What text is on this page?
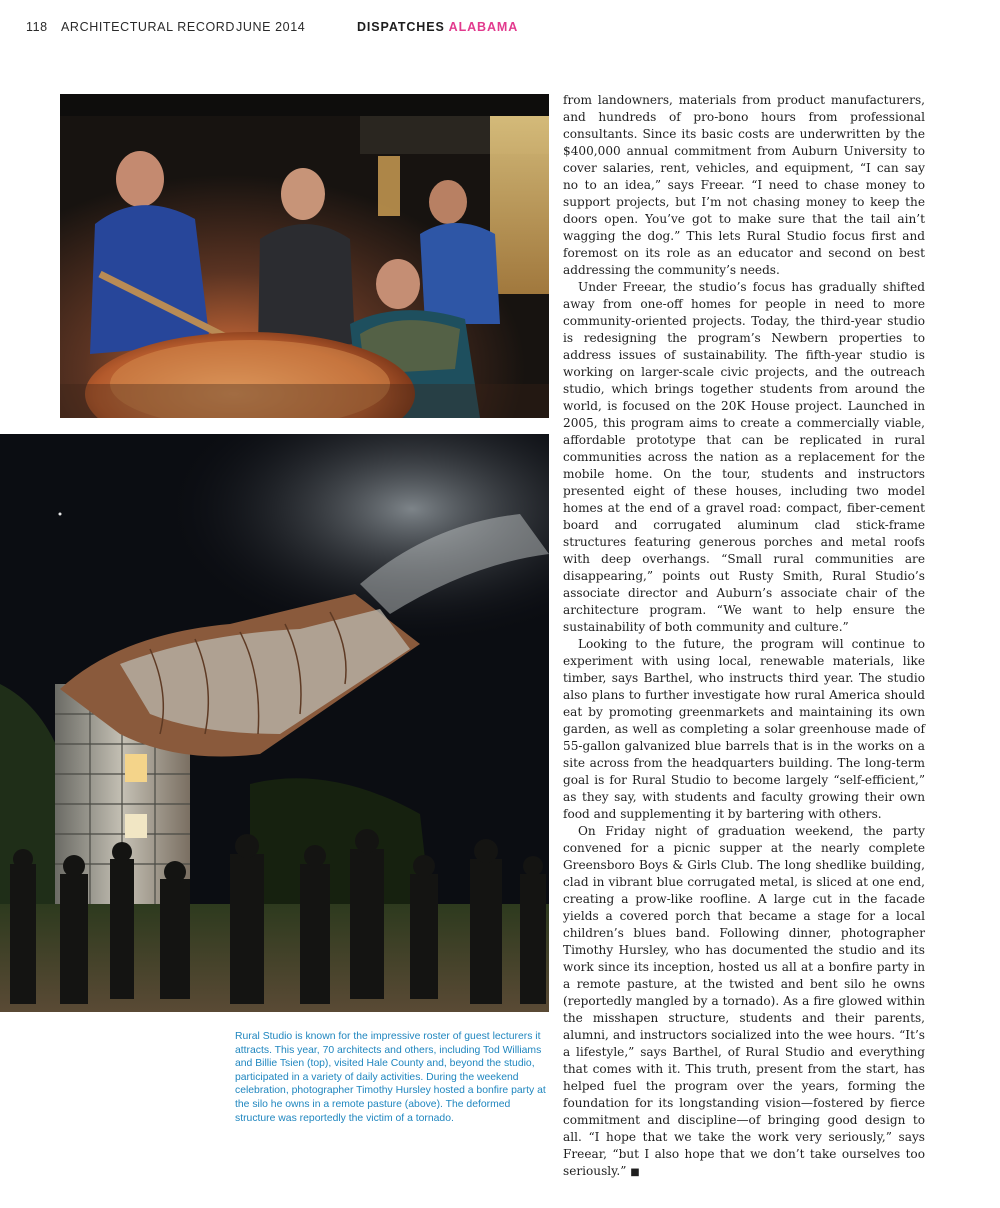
118 ARCHITECTURAL RECORD JUNE 2014	DISPATCHES ALABAMA
Rural Studio is known for the impressive roster of guest lecturers it attracts. This year, 70 architects and others, including Tod Williams and Billie Tsien (top), visited Hale County and, beyond the studio, participated in a variety of daily activities. During the weekend celebration, photographer Timothy Hursley hosted a bonfire party at the silo he owns in a remote pasture (above). The deformed structure was reportedly the victim of a tornado.

from landowners, materials from product manufacturers, and hundreds of pro-bono hours from professional consultants. Since its basic costs are underwritten by the $400,000 annual commitment from Auburn University to cover salaries, rent, vehicles, and equipment, “I can say no to an idea,” says Freear. “I need to chase money to support projects, but I’m not chasing money to keep the doors open. You’ve got to make sure that the tail ain’t wagging the dog.” This lets Rural Studio focus first and foremost on its role as an educator and second on best addressing the community’s needs.

Under Freear, the studio’s focus has gradually shifted away from one-off homes for people in need to more community-oriented projects. Today, the third-year studio is redesigning the program’s Newbern properties to address issues of sustainability. The fifth-year studio is working on larger-scale civic projects, and the outreach studio, which brings together students from around the world, is focused on the 20K House project. Launched in 2005, this program aims to create a commercially viable, affordable prototype that can be replicated in rural communities across the nation as a replacement for the mobile home. On the tour, students and instructors presented eight of these houses, including two model homes at the end of a gravel road: compact, fiber-cement board and corrugated aluminum clad stick-frame structures featuring generous porches and metal roofs with deep overhangs. “Small rural communities are disappearing,” points out Rusty Smith, Rural Studio’s associate director and Auburn’s associate chair of the architecture program. “We want to help ensure the sustainability of both community and culture.”

Looking to the future, the program will continue to experiment with using local, renewable materials, like timber, says Barthel, who instructs third year. The studio also plans to further investigate how rural America should eat by promoting greenmarkets and maintaining its own garden, as well as completing a solar greenhouse made of 55-gallon galvanized blue barrels that is in the works on a site across from the headquarters building. The long-term goal is for Rural Studio to become largely “self-efficient,” as they say, with students and faculty growing their own food and supplementing it by bartering with others.

On Friday night of graduation weekend, the party convened for a picnic supper at the nearly complete Greensboro Boys & Girls Club. The long shedlike building, clad in vibrant blue corrugated metal, is sliced at one end, creating a prow-like roofline. A large cut in the facade yields a covered porch that became a stage for a local children’s blues band. Following dinner, photographer Timothy Hursley, who has documented the studio and its work since its inception, hosted us all at a bonfire party in a remote pasture, at the twisted and bent silo he owns (reportedly mangled by a tornado). As a fire glowed within the misshapen structure, students and their parents, alumni, and instructors socialized into the wee hours. “It’s a lifestyle,” says Barthel, of Rural Studio and everything that comes with it. This truth, present from the start, has helped fuel the program over the years, forming the foundation for its longstanding vision—fostered by fierce commitment and discipline—of bringing good design to all. “I hope that we take the work very seriously,” says Freear, “but I also hope that we don’t take ourselves too seriously.” ■
